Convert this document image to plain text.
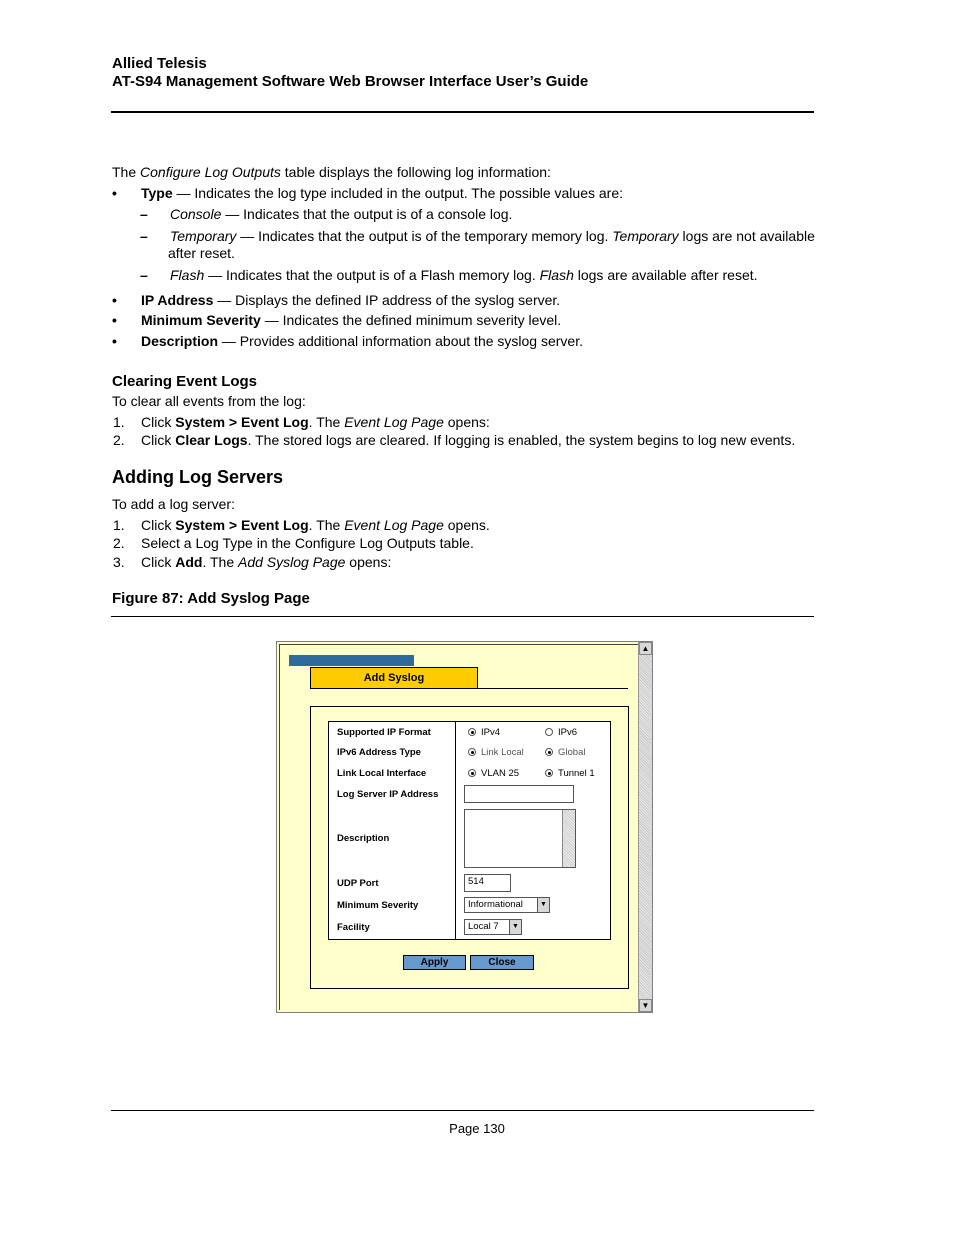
Allied Telesis
AT-S94 Management Software Web Browser Interface User’s Guide
The Configure Log Outputs table displays the following log information:
• Type — Indicates the log type included in the output. The possible values are:
– Console — Indicates that the output is of a console log.
– Temporary — Indicates that the output is of the temporary memory log. Temporary logs are not available
after reset.
– Flash — Indicates that the output is of a Flash memory log. Flash logs are available after reset.
• IP Address — Displays the defined IP address of the syslog server.
• Minimum Severity — Indicates the defined minimum severity level.
• Description — Provides additional information about the syslog server.
Clearing Event Logs
To clear all events from the log:
1. Click System > Event Log. The Event Log Page opens:
2. Click Clear Logs. The stored logs are cleared. If logging is enabled, the system begins to log new events.
Adding Log Servers
To add a log server:
1. Click System > Event Log. The Event Log Page opens.
2. Select a Log Type in the Configure Log Outputs table.
3. Click Add. The Add Syslog Page opens:
Figure 87: Add Syslog Page
Add Syslog
Supported IP Format	IPv4	IPv6
IPv6 Address Type	Link Local	Global
Link Local Interface	VLAN 25	Tunnel 1
Log Server IP Address
Description
UDP Port	514
Minimum Severity	Informational	▼
Facility	Local 7	▼
Apply	Close
▲
▼
Page 130
